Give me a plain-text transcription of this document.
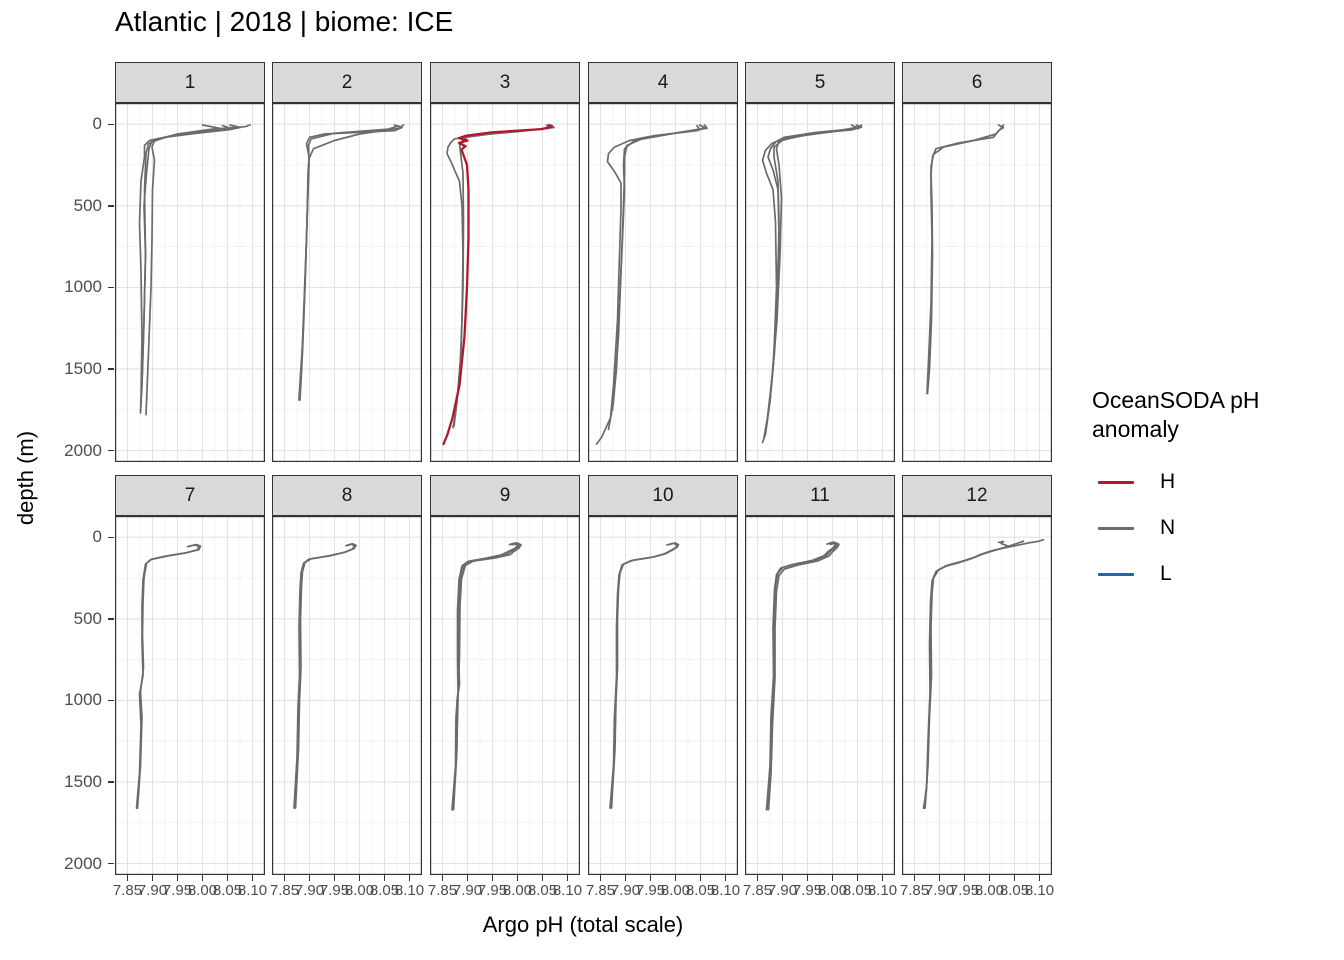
Atlantic | 2018 | biome: ICE
depth (m)
Argo pH (total scale)
OceanSODA pH anomaly
H
N
L
1	2	3	4	5	6
7	8	9	10	11	12
0
500
1000
1500
2000
0
500
1000
1500
2000
7.85
7.90
7.95
8.00
8.05
8.10 7.85
7.90
7.95
8.00
8.05
8.10 7.85
7.90
7.95
8.00
8.05
8.10 7.85
7.90
7.95
8.00
8.05
8.10 7.85
7.90
7.95
8.00
8.05
8.10 7.85
7.90
7.95
8.00
8.05
8.10
